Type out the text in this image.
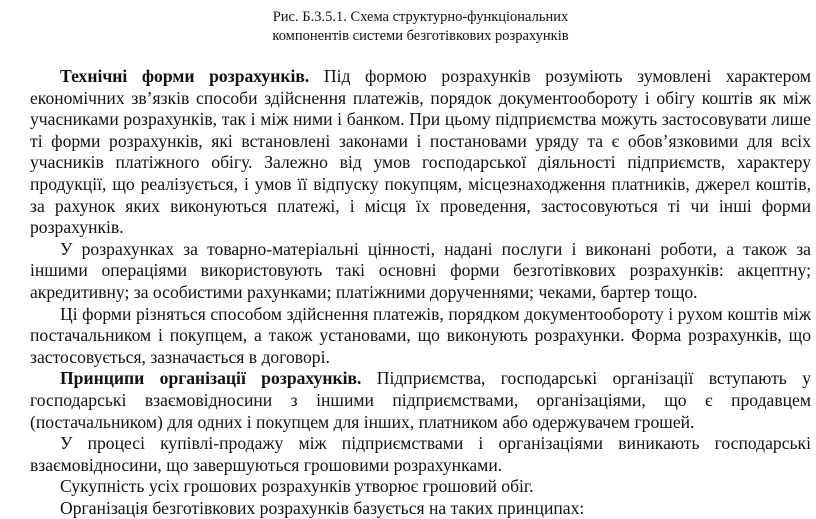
Рис. Б.3.5.1. Схема структурно-функціональних
компонентів системи безготівкових розрахунків

Технічні форми розрахунків. Під формою розрахунків розуміють зумовлені характером економічних зв’язків способи здійснення платежів, порядок документообороту і обігу коштів як між учасниками розрахунків, так і між ними і банком. При цьому підприємства можуть застосовувати лише ті форми розрахунків, які встановлені законами і постановами уряду та є обов’язковими для всіх учасників платіжного обігу. Залежно від умов господарської діяльності підприємств, характеру продукції, що реалізується, і умов її відпуску покупцям, місцезнаходження платників, джерел коштів, за рахунок яких виконуються платежі, і місця їх проведення, застосовуються ті чи інші форми розрахунків.

У розрахунках за товарно-матеріальні цінності, надані послуги і виконані роботи, а також за іншими операціями використовують такі основні форми безготівкових розрахунків: акцептну; акредитивну; за особистими рахунками; платіжними дорученнями; чеками, бартер тощо.

Ці форми різняться способом здійснення платежів, порядком документообороту і рухом коштів між постачальником і покупцем, а також установами, що виконують розрахунки. Форма розрахунків, що застосовується, зазначається в договорі.

Принципи організації розрахунків. Підприємства, господарські організації вступають у господарські взаємовідносини з іншими підприємствами, організаціями, що є продавцем (постачальником) для одних і покупцем для інших, платником або одержувачем грошей.

У процесі купівлі-продажу між підприємствами і організаціями виникають господарські взаємовідносини, що завершуються грошовими розрахунками.

Сукупність усіх грошових розрахунків утворює грошовий обіг.

Організація безготівкових розрахунків базується на таких принципах:
